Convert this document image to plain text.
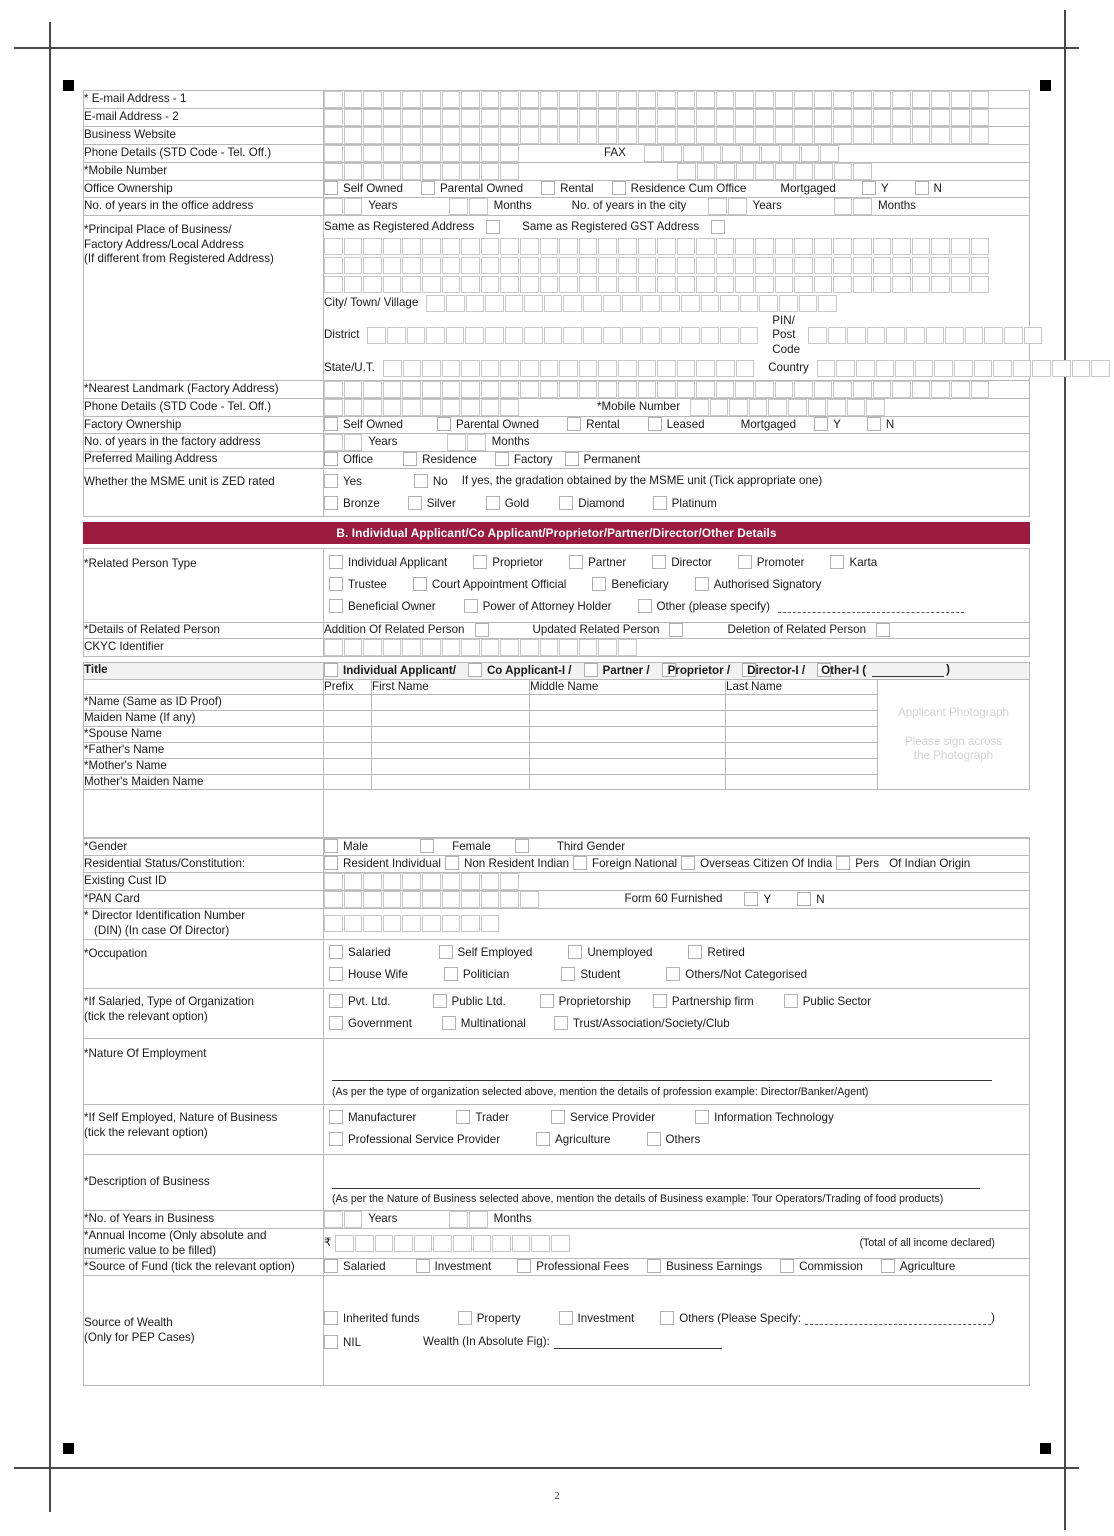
* E-mail Address - 1	

E-mail Address - 2	

Business Website	

Phone Details (STD Code - Tel. Off.)	FAX

*Mobile Number	

Office Ownership	Self Owned	Parental Owned	Rental	Residence Cum Office	Mortgaged	Y	N

No. of years in the office address	Years Months No. of years in the city Years Months

*Principal Place of Business/
Factory Address/Local Address
(If different from Registered Address)

Same as Registered Address	Same as Registered GST Address
City/ Town/ Village
District
PIN/ Post Code
State/U.T.	Country

*Nearest Landmark (Factory Address)	

Phone Details (STD Code - Tel. Off.)	*Mobile Number

Factory Ownership	Self Owned	Parental Owned	Rental	Leased	Mortgaged	Y	N

No. of years in the factory address	Years Months

Preferred Mailing Address	Office Residence Factory Permanent

Whether the MSME unit is ZED rated	Yes	No If yes, the gradation obtained by the MSME unit (Tick appropriate one)
Bronze	Silver	Gold	Diamond	Platinum
B. Individual Applicant/Co Applicant/Proprietor/Partner/Director/Other Details
*Related Person Type	Individual Applicant	Proprietor	Partner	Director	Promoter	Karta
Trustee	Court Appointment Official	Beneficiary	Authorised Signatory
Beneficial Owner	Power of Attorney Holder	Other (please specify)

*Details of Related Person	Addition Of Related Person Updated Related Person Deletion of Related Person

CKYC Identifier	
Title	Individual Applicant/	Co Applicant-I /	Partner /	Proprietor /	Director-I /	Other-I (	)

	Prefix	First Name	Middle Name	Last Name	Applicant Photograph
Please sign across
the Photograph

*Name (Same as ID Proof)					
Maiden Name (If any)					
*Spouse Name					
*Father's Name					
*Mother's Name					
Mother's Maiden Name					

*Gender	Male Female Third Gender

Residential Status/Constitution:	Resident Individual	Non Resident Indian	Foreign National	Overseas Citizen Of India	Pers Of Indian Origin

Existing Cust ID	

*PAN Card	Form 60 Furnished Y N

* Director Identification Number
(DIN) (In case Of Director)	

*Occupation	Salaried	Self Employed	Unemployed	Retired
House Wife	Politician	Student	Others/Not Categorised

*If Salaried, Type of Organization
(tick the relevant option)

Pvt. Ltd.	Public Ltd.	Proprietorship	Partnership firm	Public Sector
Government	Multinational	Trust/Association/Society/Club

*Nature Of Employment	(As per the type of organization selected above, mention the details of profession example: Director/Banker/Agent)

*If Self Employed, Nature of Business
(tick the relevant option)

Manufacturer	Trader	Service Provider	Information Technology
Professional Service Provider	Agriculture	Others

*Description of Business	(As per the Nature of Business selected above, mention the details of Business example: Tour Operators/Trading of food products)

*No. of Years in Business	Years Months

*Annual Income (Only absolute and
numeric value to be filled)

₹	(Total of all income declared)

*Source of Fund (tick the relevant option)	Salaried	Investment	Professional Fees	Business Earnings	Commission	Agriculture

Source of Wealth
(Only for PEP Cases)

Inherited funds	Property	Investment	Others (Please Specify:	)
NIL	Wealth (In Absolute Fig):
2
